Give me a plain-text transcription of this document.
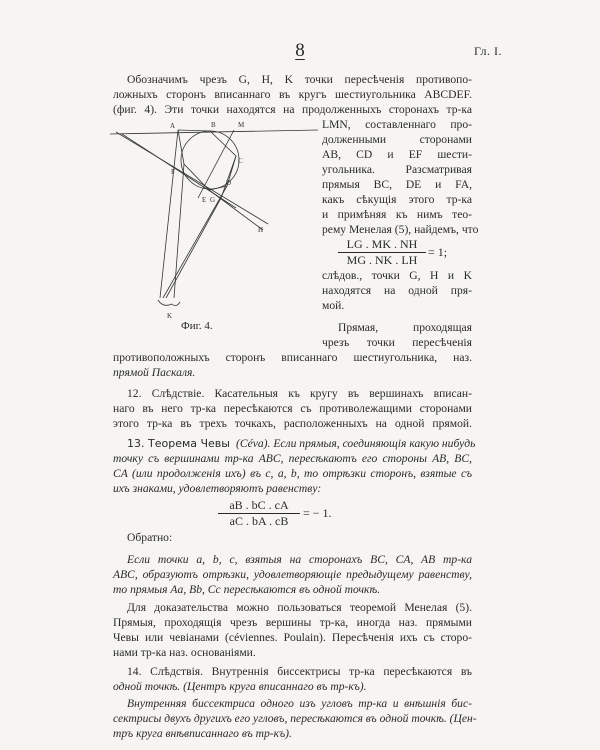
8	Гл. I.
Обозначимъ чрезъ G, H, K точки пересѣченія противопо-
ложныхъ сторонъ вписаннаго въ кругъ шестиугольника ABCDEF.
(фиг. 4). Эти точки находятся на продолженныхъ сторонахъ тр-ка
LMN, составленнаго про-
долженными сторонами
AB, CD и EF шести-
угольника. Разсматривая
прямыя BC, DE и FA,
какъ сѣкущія этого тр-ка
и примѣняя къ нимъ тео-
рему Менелая (5), найдемъ, что
$\frac{LG . MK . NH}{MG . NK . LH} = 1$;
слѣдов., точки G, H и K
находятся на одной пря-
мой.
Прямая, проходящая
чрезъ точки пересѣченія
противоположныхъ сторонъ вписаннаго шестиугольника, наз.
прямой Паскаля.
A	B	M
F
C
D
E G
H
K
Фиг. 4.
12. Слѣдствіе. Касательныя къ кругу въ вершинахъ вписан-
наго въ него тр-ка пересѣкаются съ противолежащими сторонами
этого тр-ка въ трехъ точкахъ, расположенныхъ на одной прямой.
13. Теорема Чевы (Céva). Если прямыя, соединяющія какую нибудь
точку съ вершинами тр-ка ABC, пересѣкаютъ его стороны AB, BC,
CA (или продолженія ихъ) въ c, a, b, то отрѣзки сторонъ, взятые съ
ихъ знаками, удовлетворяютъ равенству:
$\frac{aB . bC . cA}{aC . bA . cB}$ = − 1.
Обратно:
Если точки a, b, c, взятыя на сторонахъ BC, CA, AB тр-ка
ABC, образуютъ отрѣзки, удовлетворяющіе предыдущему равенству,
то прямыя Aa, Bb, Cc пересѣкаются въ одной точкѣ.
Для доказательства можно пользоваться теоремой Менелая (5).
Прямыя, проходящія чрезъ вершины тр-ка, иногда наз. прямыми
Чевы или чевіанами (céviennes. Poulain). Пересѣченія ихъ съ сторо-
нами тр-ка наз. основаніями.
14. Слѣдствія. Внутреннія биссектрисы тр-ка пересѣкаются въ
одной точкѣ. (Центръ круга вписаннаго въ тр-къ).
Внутренняя биссектриса одного изъ угловъ тр-ка и внѣшнія бис-
сектрисы двухъ другихъ его угловъ, пересѣкаются въ одной точкѣ. (Цен-
тръ круга внѣвписаннаго въ тр-къ).
